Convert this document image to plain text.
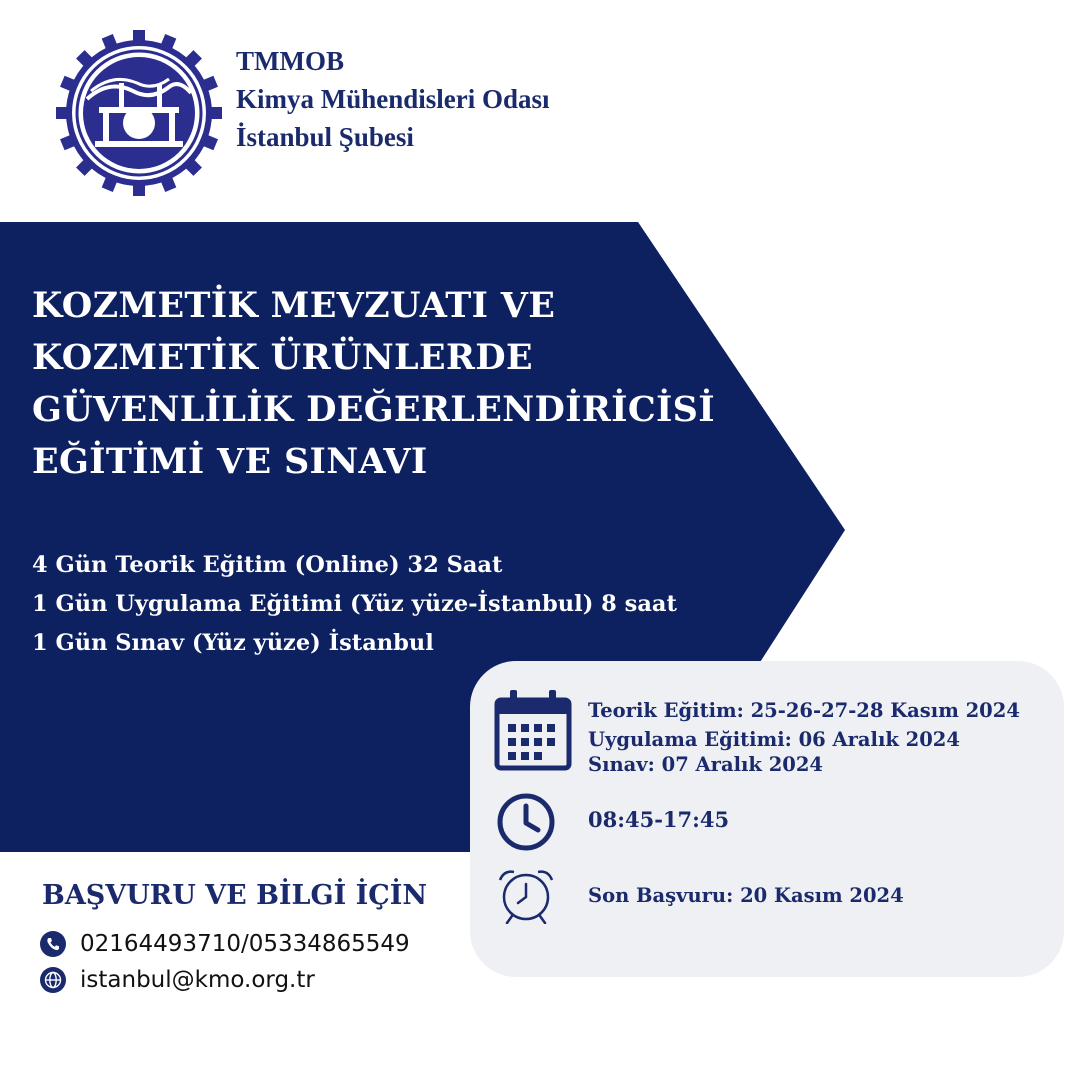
TMMOB
Kimya Mühendisleri Odası
İstanbul Şubesi
KOZMETİK MEVZUATI VE
KOZMETİK ÜRÜNLERDE
GÜVENLİLİK DEĞERLENDİRİCİSİ
EĞİTİMİ VE SINAVI
4 Gün Teorik Eğitim (Online) 32 Saat
1 Gün Uygulama Eğitimi (Yüz yüze-İstanbul) 8 saat
1 Gün Sınav (Yüz yüze) İstanbul
Teorik Eğitim: 25-26-27-28 Kasım 2024
Uygulama Eğitimi: 06 Aralık 2024
Sınav: 07 Aralık 2024
08:45-17:45
Son Başvuru: 20 Kasım 2024
BAŞVURU VE BİLGİ İÇİN
02164493710/05334865549
istanbul@kmo.org.tr
